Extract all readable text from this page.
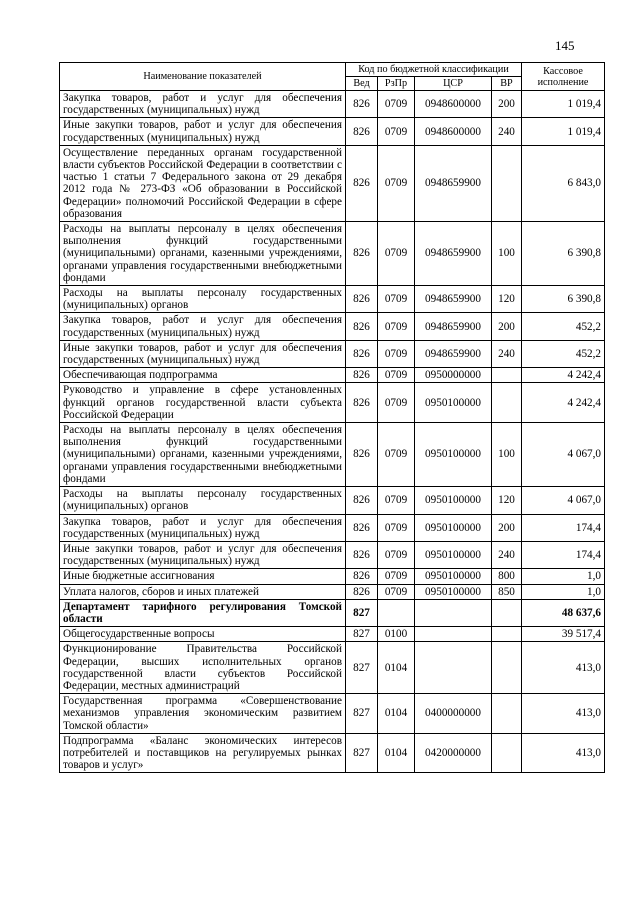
145
Наименование показателей	Код по бюджетной классификации				Кассовое исполнение
	Вед	РзПр	ЦСР	ВР	
Закупка товаров, работ и услуг для обеспечения государственных (муниципальных) нужд	826	0709	0948600000	200	1 019,4
Иные закупки товаров, работ и услуг для обеспечения государственных (муниципальных) нужд	826	0709	0948600000	240	1 019,4
Осуществление переданных органам государственной власти субъектов Российской Федерации в соответствии с частью 1 статьи 7 Федерального закона от 29 декабря 2012 года № 273-ФЗ «Об образовании в Российской Федерации» полномочий Российской Федерации в сфере образования	826	0709	0948659900		6 843,0
Расходы на выплаты персоналу в целях обеспечения выполнения функций государственными (муниципальными) органами, казенными учреждениями, органами управления государственными внебюджетными фондами	826	0709	0948659900	100	6 390,8
Расходы на выплаты персоналу государственных (муниципальных) органов	826	0709	0948659900	120	6 390,8
Закупка товаров, работ и услуг для обеспечения государственных (муниципальных) нужд	826	0709	0948659900	200	452,2
Иные закупки товаров, работ и услуг для обеспечения государственных (муниципальных) нужд	826	0709	0948659900	240	452,2
Обеспечивающая подпрограмма	826	0709	0950000000		4 242,4
Руководство и управление в сфере установленных функций органов государственной власти субъекта Российской Федерации	826	0709	0950100000		4 242,4
Расходы на выплаты персоналу в целях обеспечения выполнения функций государственными (муниципальными) органами, казенными учреждениями, органами управления государственными внебюджетными фондами	826	0709	0950100000	100	4 067,0
Расходы на выплаты персоналу государственных (муниципальных) органов	826	0709	0950100000	120	4 067,0
Закупка товаров, работ и услуг для обеспечения государственных (муниципальных) нужд	826	0709	0950100000	200	174,4
Иные закупки товаров, работ и услуг для обеспечения государственных (муниципальных) нужд	826	0709	0950100000	240	174,4
Иные бюджетные ассигнования	826	0709	0950100000	800	1,0
Уплата налогов, сборов и иных платежей	826	0709	0950100000	850	1,0
Департамент тарифного регулирования Томской области	827				48 637,6
Общегосударственные вопросы	827	0100			39 517,4
Функционирование Правительства Российской Федерации, высших исполнительных органов государственной власти субъектов Российской Федерации, местных администраций	827	0104			413,0
Государственная программа «Совершенствование механизмов управления экономическим развитием Томской области»	827	0104	0400000000		413,0
Подпрограмма «Баланс экономических интересов потребителей и поставщиков на регулируемых рынках товаров и услуг»	827	0104	0420000000		413,0
